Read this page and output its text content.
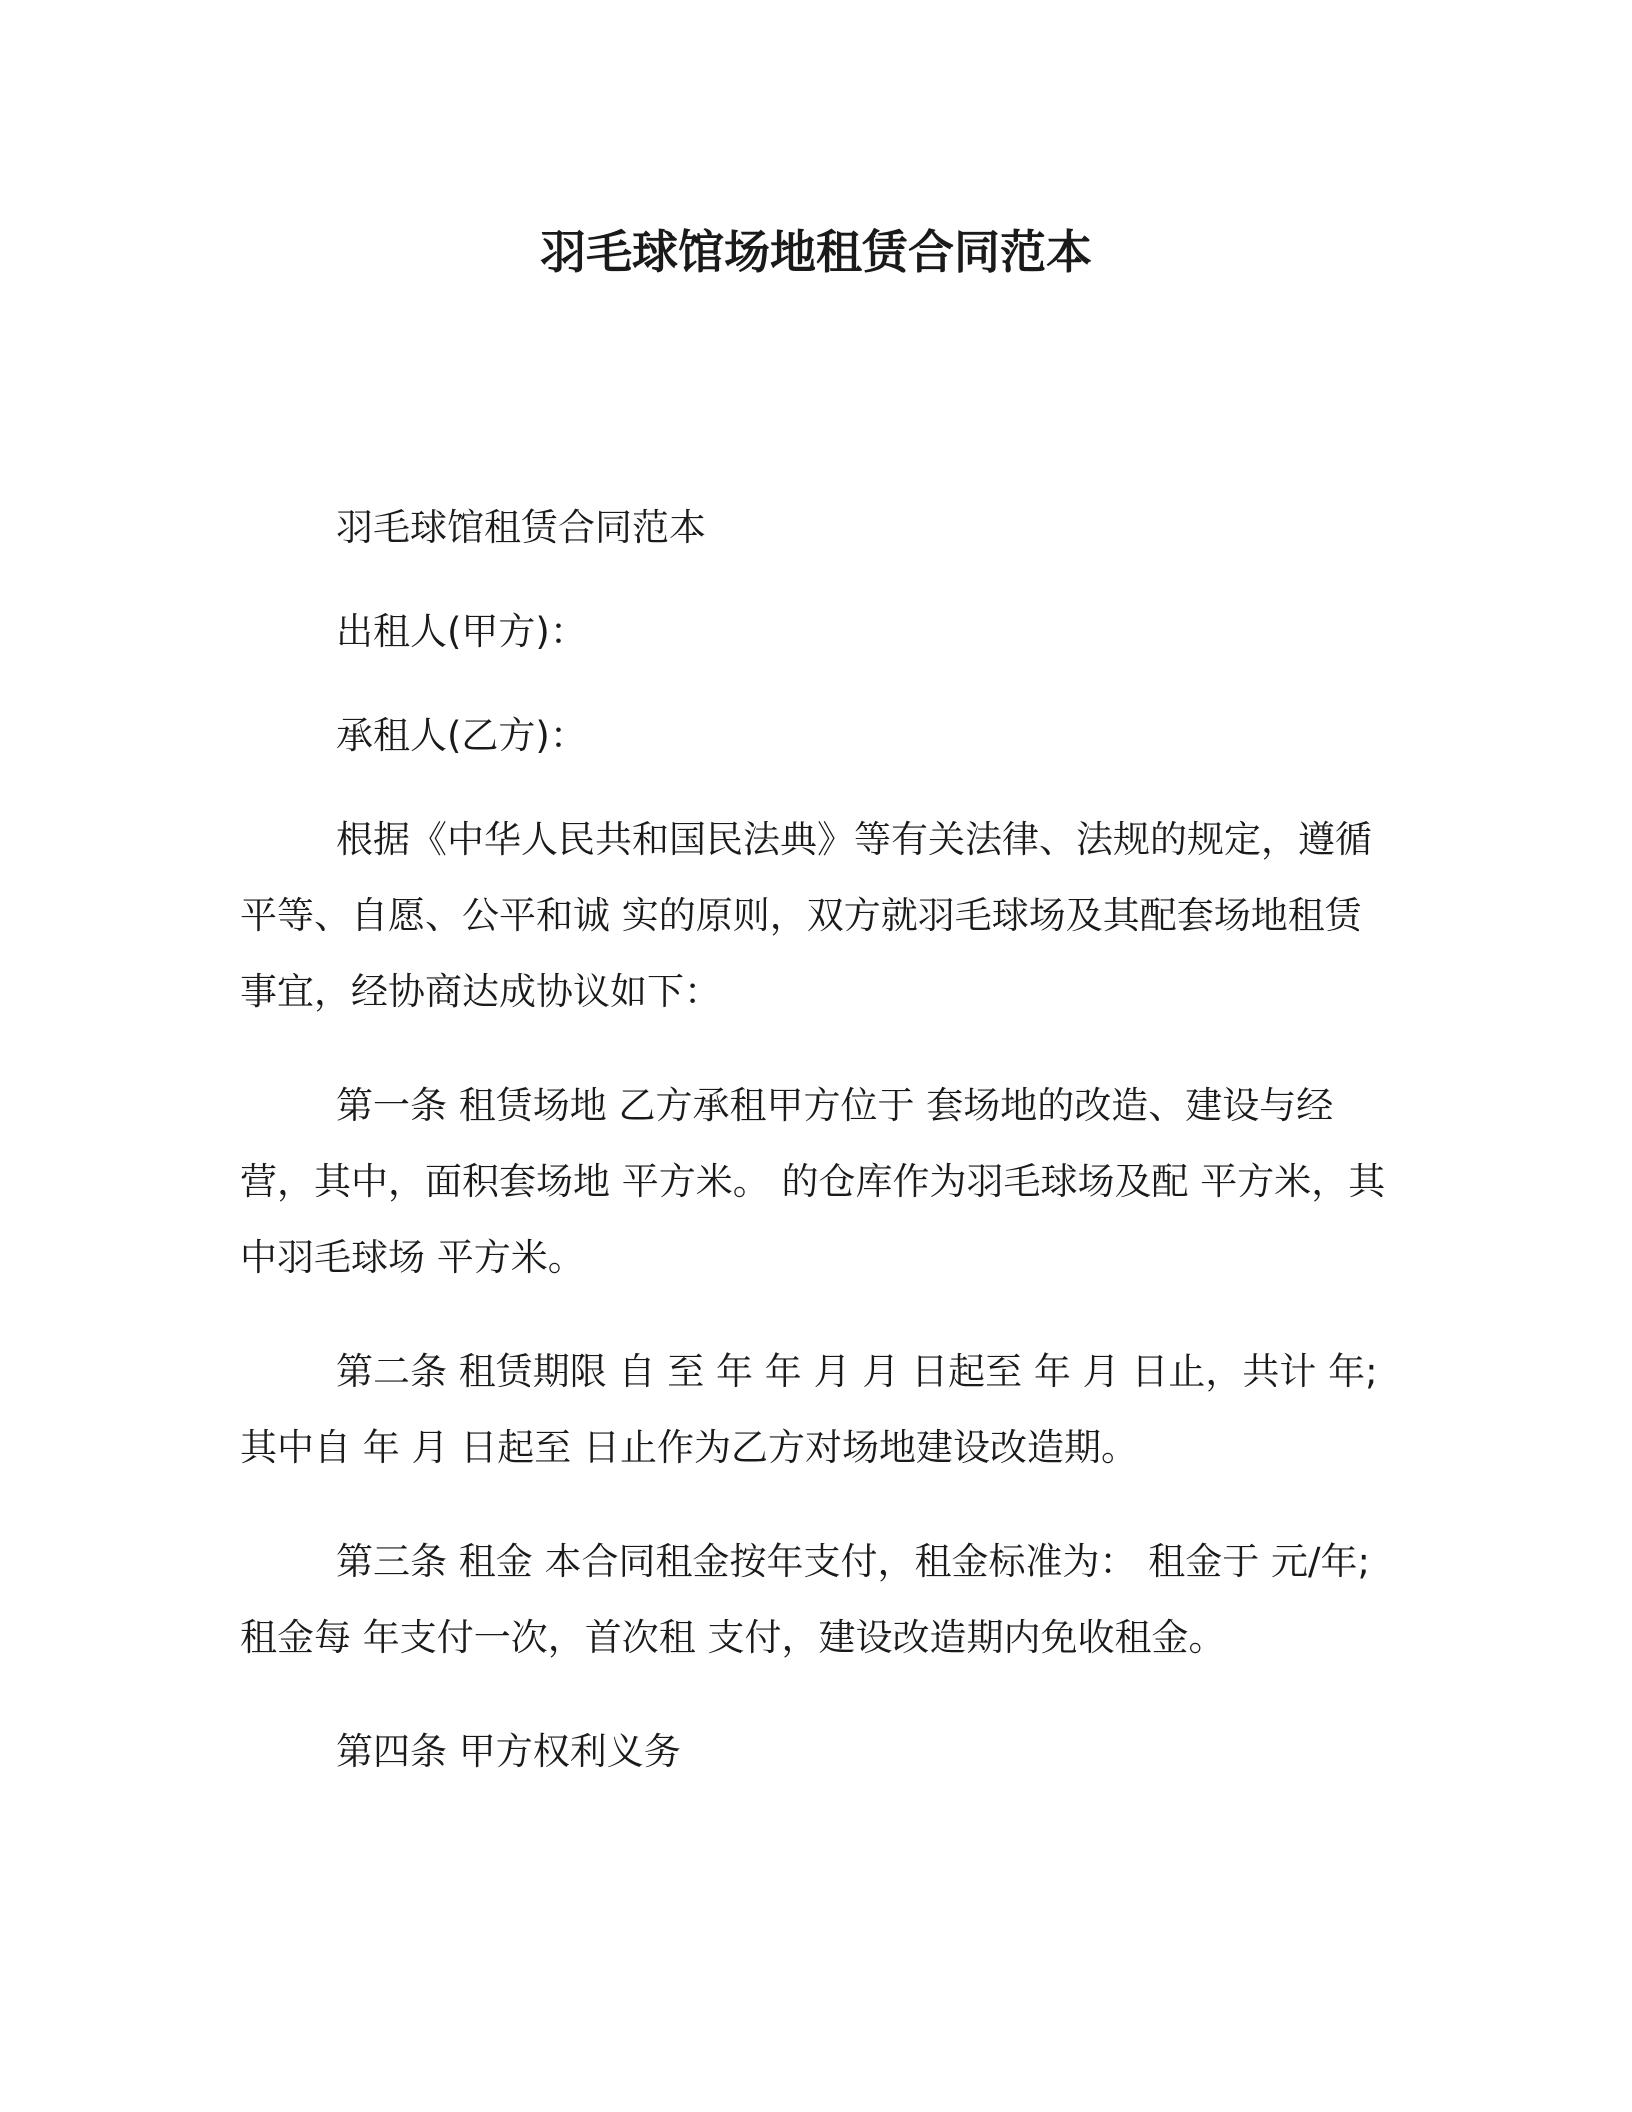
羽毛球馆场地租赁合同范本

羽毛球馆租赁合同范本

出租人(甲方)：

承租人(乙方)：

根据《中华人民共和国民法典》等有关法律、法规的规定，遵循平等、自愿、公平和诚 实的原则，双方就羽毛球场及其配套场地租赁事宜，经协商达成协议如下：

第一条 租赁场地 乙方承租甲方位于 套场地的改造、建设与经营，其中，面积套场地 平方米。 的仓库作为羽毛球场及配 平方米，其中羽毛球场 平方米。

第二条 租赁期限 自 至 年 年 月 月 日起至 年 月 日止，共计 年;其中自 年 月 日起至 日止作为乙方对场地建设改造期。

第三条 租金 本合同租金按年支付，租金标准为： 租金于 元/年;租金每 年支付一次，首次租 支付，建设改造期内免收租金。

第四条 甲方权利义务
